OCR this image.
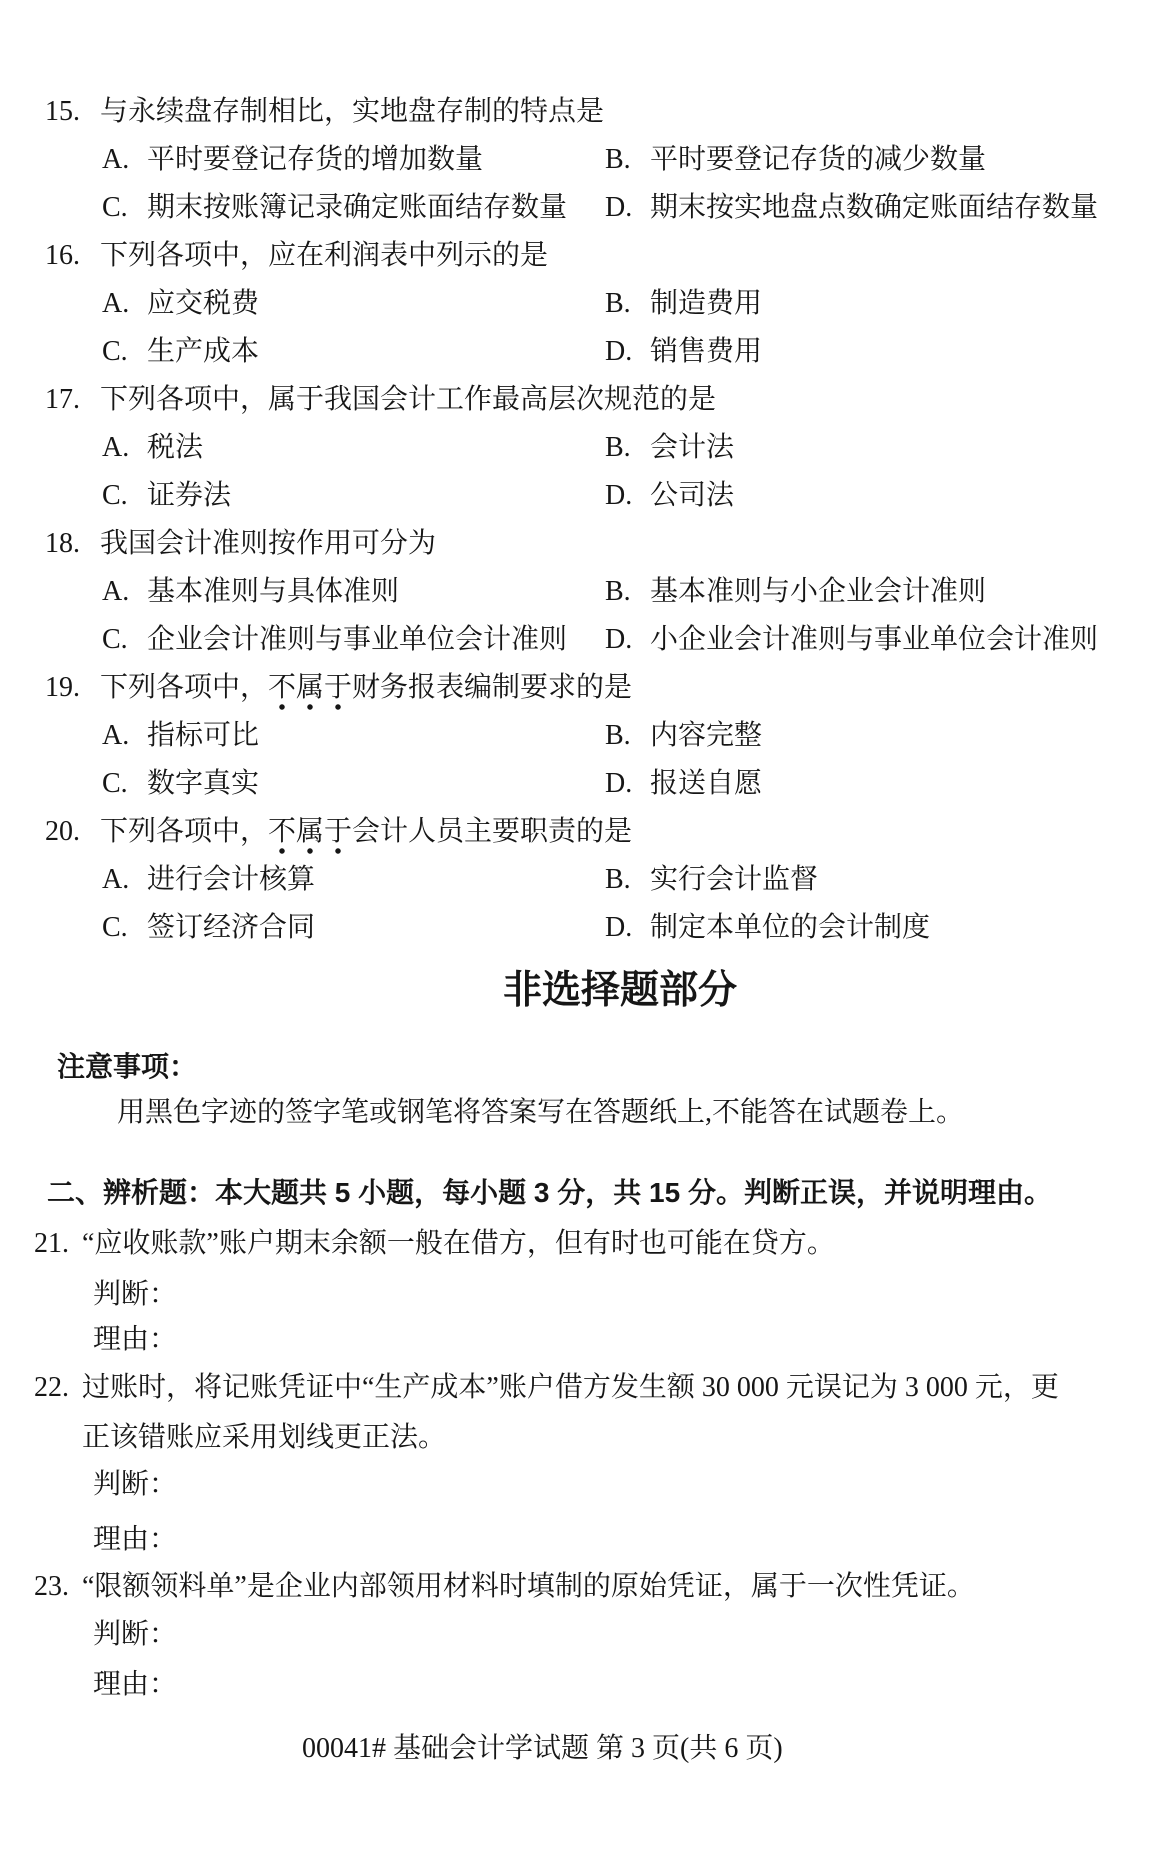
15. 与永续盘存制相比，实地盘存制的特点是
A. 平时要登记存货的增加数量	B. 平时要登记存货的减少数量
C. 期末按账簿记录确定账面结存数量 D. 期末按实地盘点数确定账面结存数量
16. 下列各项中，应在利润表中列示的是
A. 应交税费	B. 制造费用
C. 生产成本	D. 销售费用
17. 下列各项中，属于我国会计工作最高层次规范的是
A. 税法	B. 会计法
C. 证券法	D. 公司法
18. 我国会计准则按作用可分为
A. 基本准则与具体准则	B. 基本准则与小企业会计准则
C. 企业会计准则与事业单位会计准则 D. 小企业会计准则与事业单位会计准则
19. 下列各项中，不属于财务报表编制要求的是
A. 指标可比	B. 内容完整
C. 数字真实	D. 报送自愿
20. 下列各项中，不属于会计人员主要职责的是
A. 进行会计核算	B. 实行会计监督
C. 签订经济合同	D. 制定本单位的会计制度
非选择题部分
注意事项：
用黑色字迹的签字笔或钢笔将答案写在答题纸上,不能答在试题卷上。
二、辨析题：本大题共 5 小题，每小题 3 分，共 15 分。判断正误，并说明理由。
21. “应收账款”账户期末余额一般在借方，但有时也可能在贷方。
判断：
理由：
22. 过账时，将记账凭证中“生产成本”账户借方发生额 30 000 元误记为 3 000 元，更
正该错账应采用划线更正法。
判断：
理由：
23. “限额领料单”是企业内部领用材料时填制的原始凭证，属于一次性凭证。
判断：
理由：
00041# 基础会计学试题 第 3 页(共 6 页)
